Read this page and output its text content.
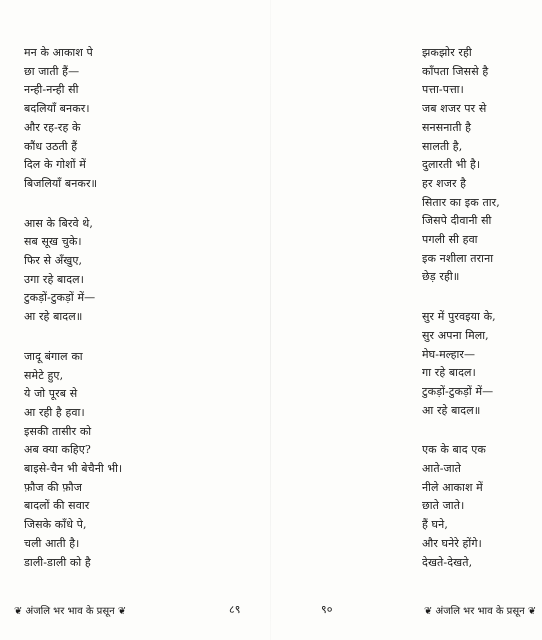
मन के आकाश पे
छा जाती हैं—
नन्ही-नन्ही सी
बदलियाँ बनकर।
और रह-रह के
कौंध उठती हैं
दिल के गोशों में
बिजलियाँ बनकर॥
आस के बिरवे थे,
सब सूख चुके।
फिर से अँखुए,
उगा रहे बादल।
टुकड़ों-टुकड़ों में—
आ रहे बादल॥
जादू बंगाल का
समेटे हुए,
ये जो पूरब से
आ रही है हवा।
इसकी तासीर को
अब क्या कहिए?
बाइसे-चैन भी बेचैनी भी।
फ़ौज की फ़ौज
बादलों की सवार
जिसके काँधे पे,
चली आती है।
डाली-डाली को है
❦ अंजलि भर भाव के प्रसून ❦	८९
झकझोर रही
काँपता जिससे है
पत्ता-पत्ता।
जब शजर पर से
सनसनाती है
सालती है,
दुलारती भी है।
हर शजर है
सितार का इक तार,
जिसपे दीवानी सी
पगली सी हवा
इक नशीला तराना
छेड़ रही॥
सुर में पुरवइया के,
सुर अपना मिला,
मेघ-मल्हार—
गा रहे बादल।
टुकड़ों-टुकड़ों में—
आ रहे बादल॥
एक के बाद एक
आते-जाते
नीले आकाश में
छाते जाते।
हैं घने,
और घनेरे होंगे।
देखते-देखते,
९०	❦ अंजलि भर भाव के प्रसून ❦
